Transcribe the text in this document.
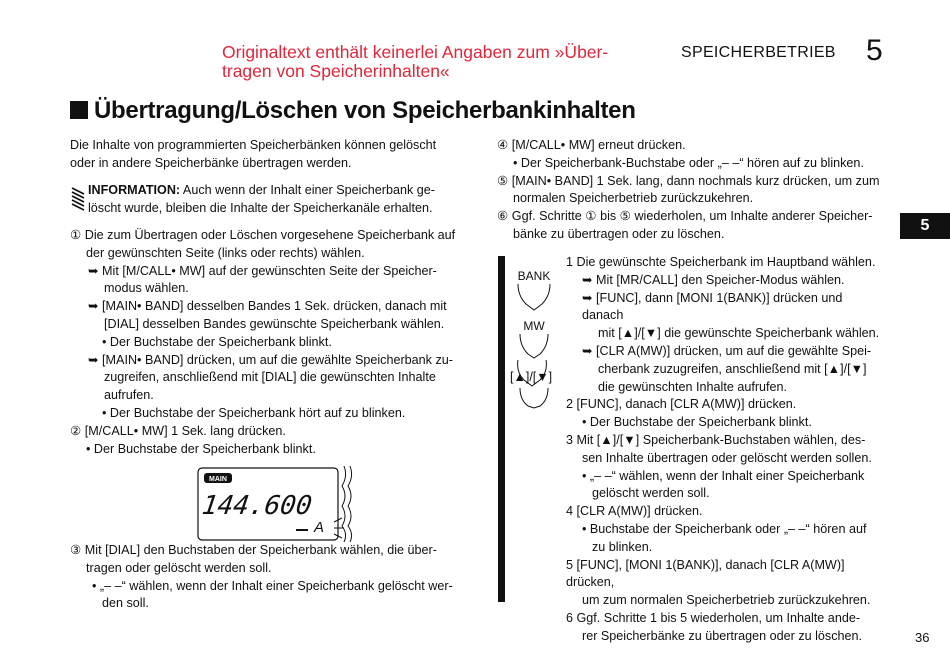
Originaltext enthält keinerlei Angaben zum »Über-
tragen von Speicherinhalten«
SPEICHERBETRIEB 5
5
Übertragung/Löschen von Speicherbankinhalten

Die Inhalte von programmierten Speicherbänken können gelöscht

oder in andere Speicherbänke übertragen werden.

INFORMATION: Auch wenn der Inhalt einer Speicherbank ge-

löscht wurde, bleiben die Inhalte der Speicherkanäle erhalten.

① Die zum Übertragen oder Löschen vorgesehene Speicherbank auf

der gewünschten Seite (links oder rechts) wählen.

➥ Mit [M/CALL• MW] auf der gewünschten Seite der Speicher-

modus wählen.

➥ [MAIN• BAND] desselben Bandes 1 Sek. drücken, danach mit

[DIAL] desselben Bandes gewünschte Speicherbank wählen.

• Der Buchstabe der Speicherbank blinkt.

➥ [MAIN• BAND] drücken, um auf die gewählte Speicherbank zu-

zugreifen, anschließend mit [DIAL] die gewünschten Inhalte

aufrufen.

• Der Buchstabe der Speicherbank hört auf zu blinken.

② [M/CALL• MW] 1 Sek. lang drücken.

• Der Buchstabe der Speicherbank blinkt.

MAIN
144.600
A

③ Mit [DIAL] den Buchstaben der Speicherbank wählen, die über-

tragen oder gelöscht werden soll.

• „– –“ wählen, wenn der Inhalt einer Speicherbank gelöscht wer-

den soll.

④ [M/CALL• MW] erneut drücken.

• Der Speicherbank-Buchstabe oder „– –“ hören auf zu blinken.

⑤ [MAIN• BAND] 1 Sek. lang, dann nochmals kurz drücken, um zum

normalen Speicherbetrieb zurückzukehren.

⑥ Ggf. Schritte ① bis ⑤ wiederholen, um Inhalte anderer Speicher-

bänke zu übertragen oder zu löschen.

BANK
MW
[▲]/[▼]

1 Die gewünschte Speicherbank im Hauptband wählen.

➥ Mit [MR/CALL] den Speicher-Modus wählen.

➥ [FUNC], dann [MONI 1(BANK)] drücken und danach

mit [▲]/[▼] die gewünschte Speicherbank wählen.

➥ [CLR A(MW)] drücken, um auf die gewählte Spei-

cherbank zuzugreifen, anschließend mit [▲]/[▼]

die gewünschten Inhalte aufrufen.

2 [FUNC], danach [CLR A(MW)] drücken.

• Der Buchstabe der Speicherbank blinkt.

3 Mit [▲]/[▼] Speicherbank-Buchstaben wählen, des-

sen Inhalte übertragen oder gelöscht werden sollen.

• „– –“ wählen, wenn der Inhalt einer Speicherbank

gelöscht werden soll.

4 [CLR A(MW)] drücken.

• Buchstabe der Speicherbank oder „– –“ hören auf

zu blinken.

5 [FUNC], [MONI 1(BANK)], danach [CLR A(MW)] drücken,

um zum normalen Speicherbetrieb zurückzukehren.

6 Ggf. Schritte 1 bis 5 wiederholen, um Inhalte ande-

rer Speicherbänke zu übertragen oder zu löschen.	36
